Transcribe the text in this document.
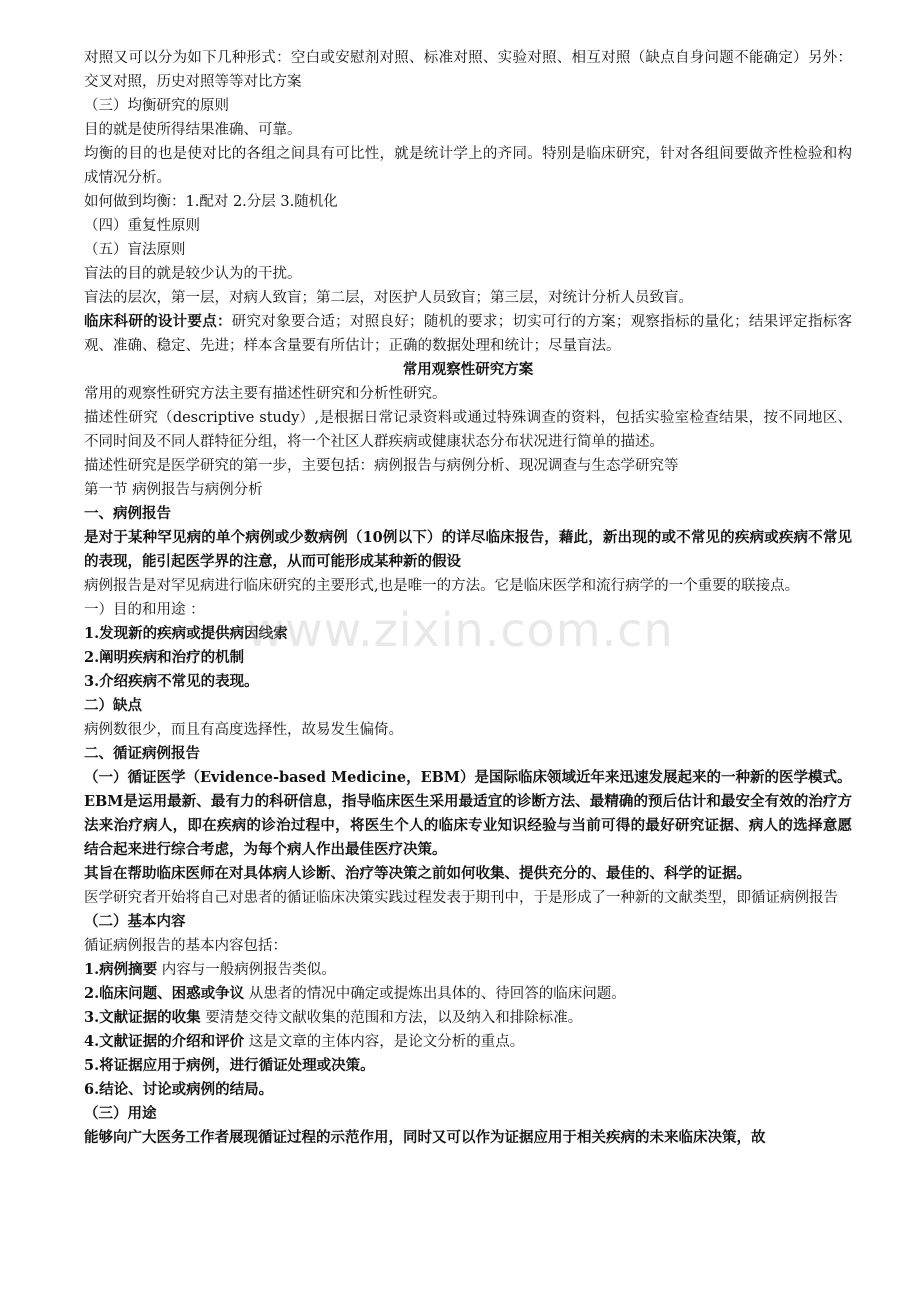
对照又可以分为如下几种形式：空白或安慰剂对照、标准对照、实验对照、相互对照（缺点自身问题不能确定）另外：交叉对照，历史对照等等对比方案

（三）均衡研究的原则

目的就是使所得结果准确、可靠。

均衡的目的也是使对比的各组之间具有可比性，就是统计学上的齐同。特别是临床研究，针对各组间要做齐性检验和构成情况分析。

如何做到均衡：1.配对 2.分层 3.随机化

（四）重复性原则

（五）盲法原则

盲法的目的就是较少认为的干扰。

盲法的层次，第一层，对病人致盲；第二层，对医护人员致盲；第三层，对统计分析人员致盲。

临床科研的设计要点：研究对象要合适；对照良好；随机的要求；切实可行的方案；观察指标的量化；结果评定指标客观、准确、稳定、先进；样本含量要有所估计；正确的数据处理和统计；尽量盲法。

常用观察性研究方案

常用的观察性研究方法主要有描述性研究和分析性研究。

描述性研究（descriptive study）,是根据日常记录资料或通过特殊调查的资料，包括实验室检查结果，按不同地区、不同时间及不同人群特征分组，将一个社区人群疾病或健康状态分布状况进行简单的描述。

描述性研究是医学研究的第一步，主要包括：病例报告与病例分析、现况调查与生态学研究等

第一节 病例报告与病例分析

一、病例报告

是对于某种罕见病的单个病例或少数病例（10例以下）的详尽临床报告，藉此，新出现的或不常见的疾病或疾病不常见的表现，能引起医学界的注意，从而可能形成某种新的假设

病例报告是对罕见病进行临床研究的主要形式,也是唯一的方法。它是临床医学和流行病学的一个重要的联接点。

一）目的和用途 ：

1.发现新的疾病或提供病因线索

2.阐明疾病和治疗的机制

3.介绍疾病不常见的表现。

二）缺点

病例数很少，而且有高度选择性，故易发生偏倚。

二、循证病例报告

（一）循证医学（Evidence-based Medicine，EBM）是国际临床领域近年来迅速发展起来的一种新的医学模式。

EBM是运用最新、最有力的科研信息，指导临床医生采用最适宜的诊断方法、最精确的预后估计和最安全有效的治疗方法来治疗病人，即在疾病的诊治过程中，将医生个人的临床专业知识经验与当前可得的最好研究证据、病人的选择意愿结合起来进行综合考虑，为每个病人作出最佳医疗决策。

其旨在帮助临床医师在对具体病人诊断、治疗等决策之前如何收集、提供充分的、最佳的、科学的证据。

医学研究者开始将自己对患者的循证临床决策实践过程发表于期刊中，于是形成了一种新的文献类型，即循证病例报告

（二）基本内容

循证病例报告的基本内容包括：

1.病例摘要 内容与一般病例报告类似。

2.临床问题、困惑或争议 从患者的情况中确定或提炼出具体的、待回答的临床问题。

3.文献证据的收集 要清楚交待文献收集的范围和方法，以及纳入和排除标准。

4.文献证据的介绍和评价 这是文章的主体内容，是论文分析的重点。

5.将证据应用于病例，进行循证处理或决策。

6.结论、讨论或病例的结局。

（三）用途

能够向广大医务工作者展现循证过程的示范作用，同时又可以作为证据应用于相关疾病的未来临床决策，故

www.zixin.com.cn
